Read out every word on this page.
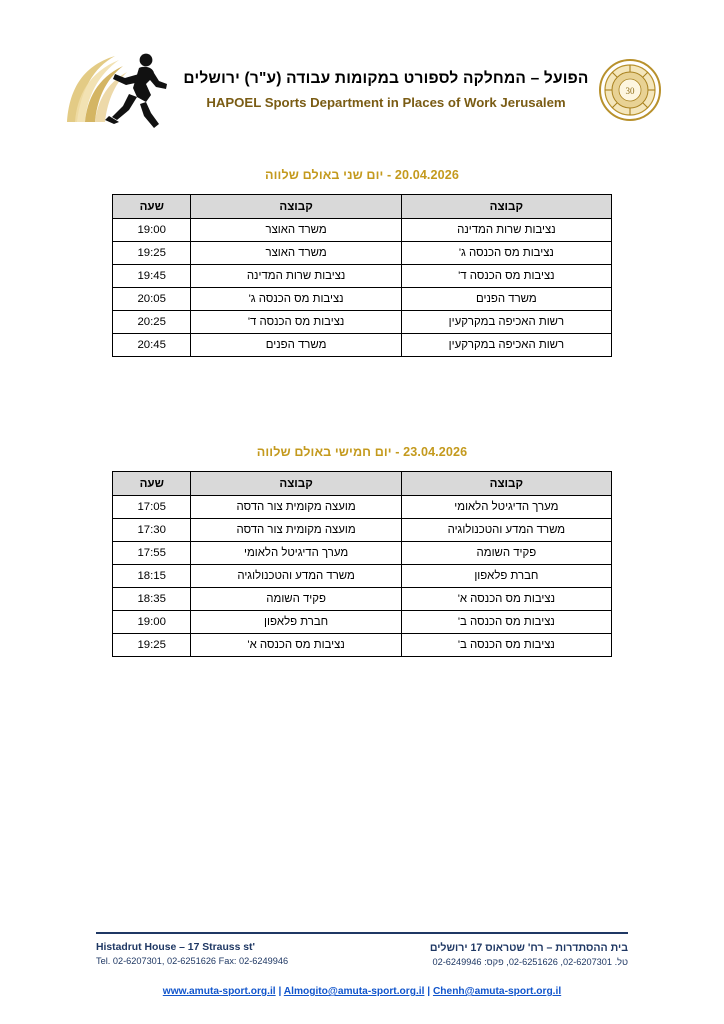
הפועל – המחלקה לספורט במקומות עבודה (ע"ר) ירושלים
HAPOEL Sports Department in Places of Work Jerusalem
30
20.04.2026 - יום שני באולם שלווה
קבוצה	קבוצה	שעה
נציבות שרות המדינה	משרד האוצר	19:00
נציבות מס הכנסה ג'	משרד האוצר	19:25
נציבות מס הכנסה ד'	נציבות שרות המדינה	19:45
משרד הפנים	נציבות מס הכנסה ג'	20:05
רשות האכיפה במקרקעין	נציבות מס הכנסה ד'	20:25
רשות האכיפה במקרקעין	משרד הפנים	20:45
23.04.2026 - יום חמישי באולם שלווה
קבוצה	קבוצה	שעה
מערך הדיגיטל הלאומי	מועצה מקומית צור הדסה	17:05
משרד המדע והטכנולוגיה	מועצה מקומית צור הדסה	17:30
פקיד השומה	מערך הדיגיטל הלאומי	17:55
חברת פלאפון	משרד המדע והטכנולוגיה	18:15
נציבות מס הכנסה א'	פקיד השומה	18:35
נציבות מס הכנסה ב'	חברת פלאפון	19:00
נציבות מס הכנסה ב'	נציבות מס הכנסה א'	19:25
Histadrut House – 17 Strauss st'
Tel. 02-6207301, 02-6251626 Fax: 02-6249946
בית ההסתדרות – רח' שטראוס 17 ירושלים
טל. 02-6207301, 02-6251626, פקס: 02-6249946
www.amuta-sport.org.il | Almogito@amuta-sport.org.il | Chenh@amuta-sport.org.il
